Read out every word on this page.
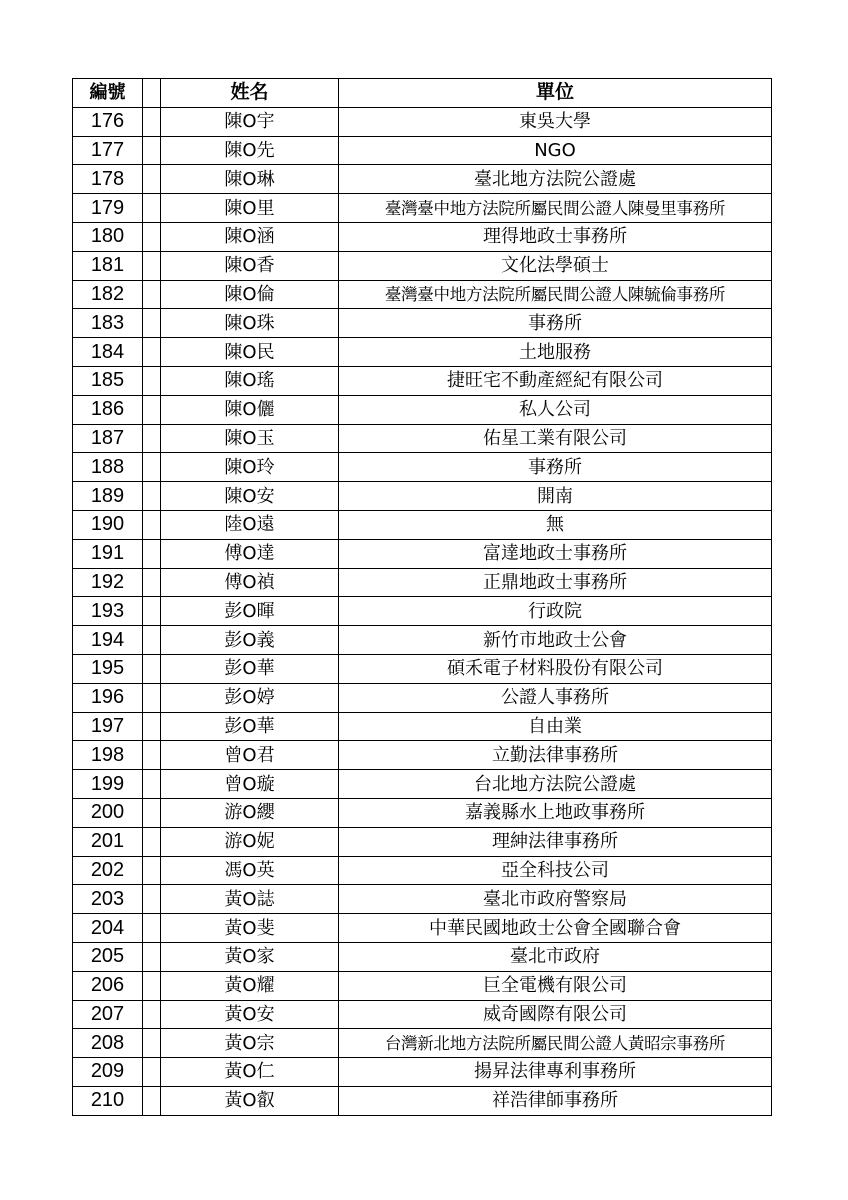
編號		姓名	單位
176		陳O宇	東吳大學
177		陳O先	NGO
178		陳O琳	臺北地方法院公證處
179		陳O里	臺灣臺中地方法院所屬民間公證人陳曼里事務所
180		陳O涵	理得地政士事務所
181		陳O香	文化法學碩士
182		陳O倫	臺灣臺中地方法院所屬民間公證人陳毓倫事務所
183		陳O珠	事務所
184		陳O民	土地服務
185		陳O瑤	捷旺宅不動產經紀有限公司
186		陳O儷	私人公司
187		陳O玉	佑星工業有限公司
188		陳O玲	事務所
189		陳O安	開南
190		陸O遠	無
191		傅O達	富達地政士事務所
192		傅O禎	正鼎地政士事務所
193		彭O暉	行政院
194		彭O義	新竹市地政士公會
195		彭O華	碩禾電子材料股份有限公司
196		彭O婷	公證人事務所
197		彭O華	自由業
198		曾O君	立勤法律事務所
199		曾O璇	台北地方法院公證處
200		游O纓	嘉義縣水上地政事務所
201		游O妮	理紳法律事務所
202		馮O英	亞全科技公司
203		黃O誌	臺北市政府警察局
204		黃O斐	中華民國地政士公會全國聯合會
205		黃O家	臺北市政府
206		黃O耀	巨全電機有限公司
207		黃O安	威奇國際有限公司
208		黃O宗	台灣新北地方法院所屬民間公證人黃昭宗事務所
209		黃O仁	揚昇法律專利事務所
210		黃O叡	祥浩律師事務所
